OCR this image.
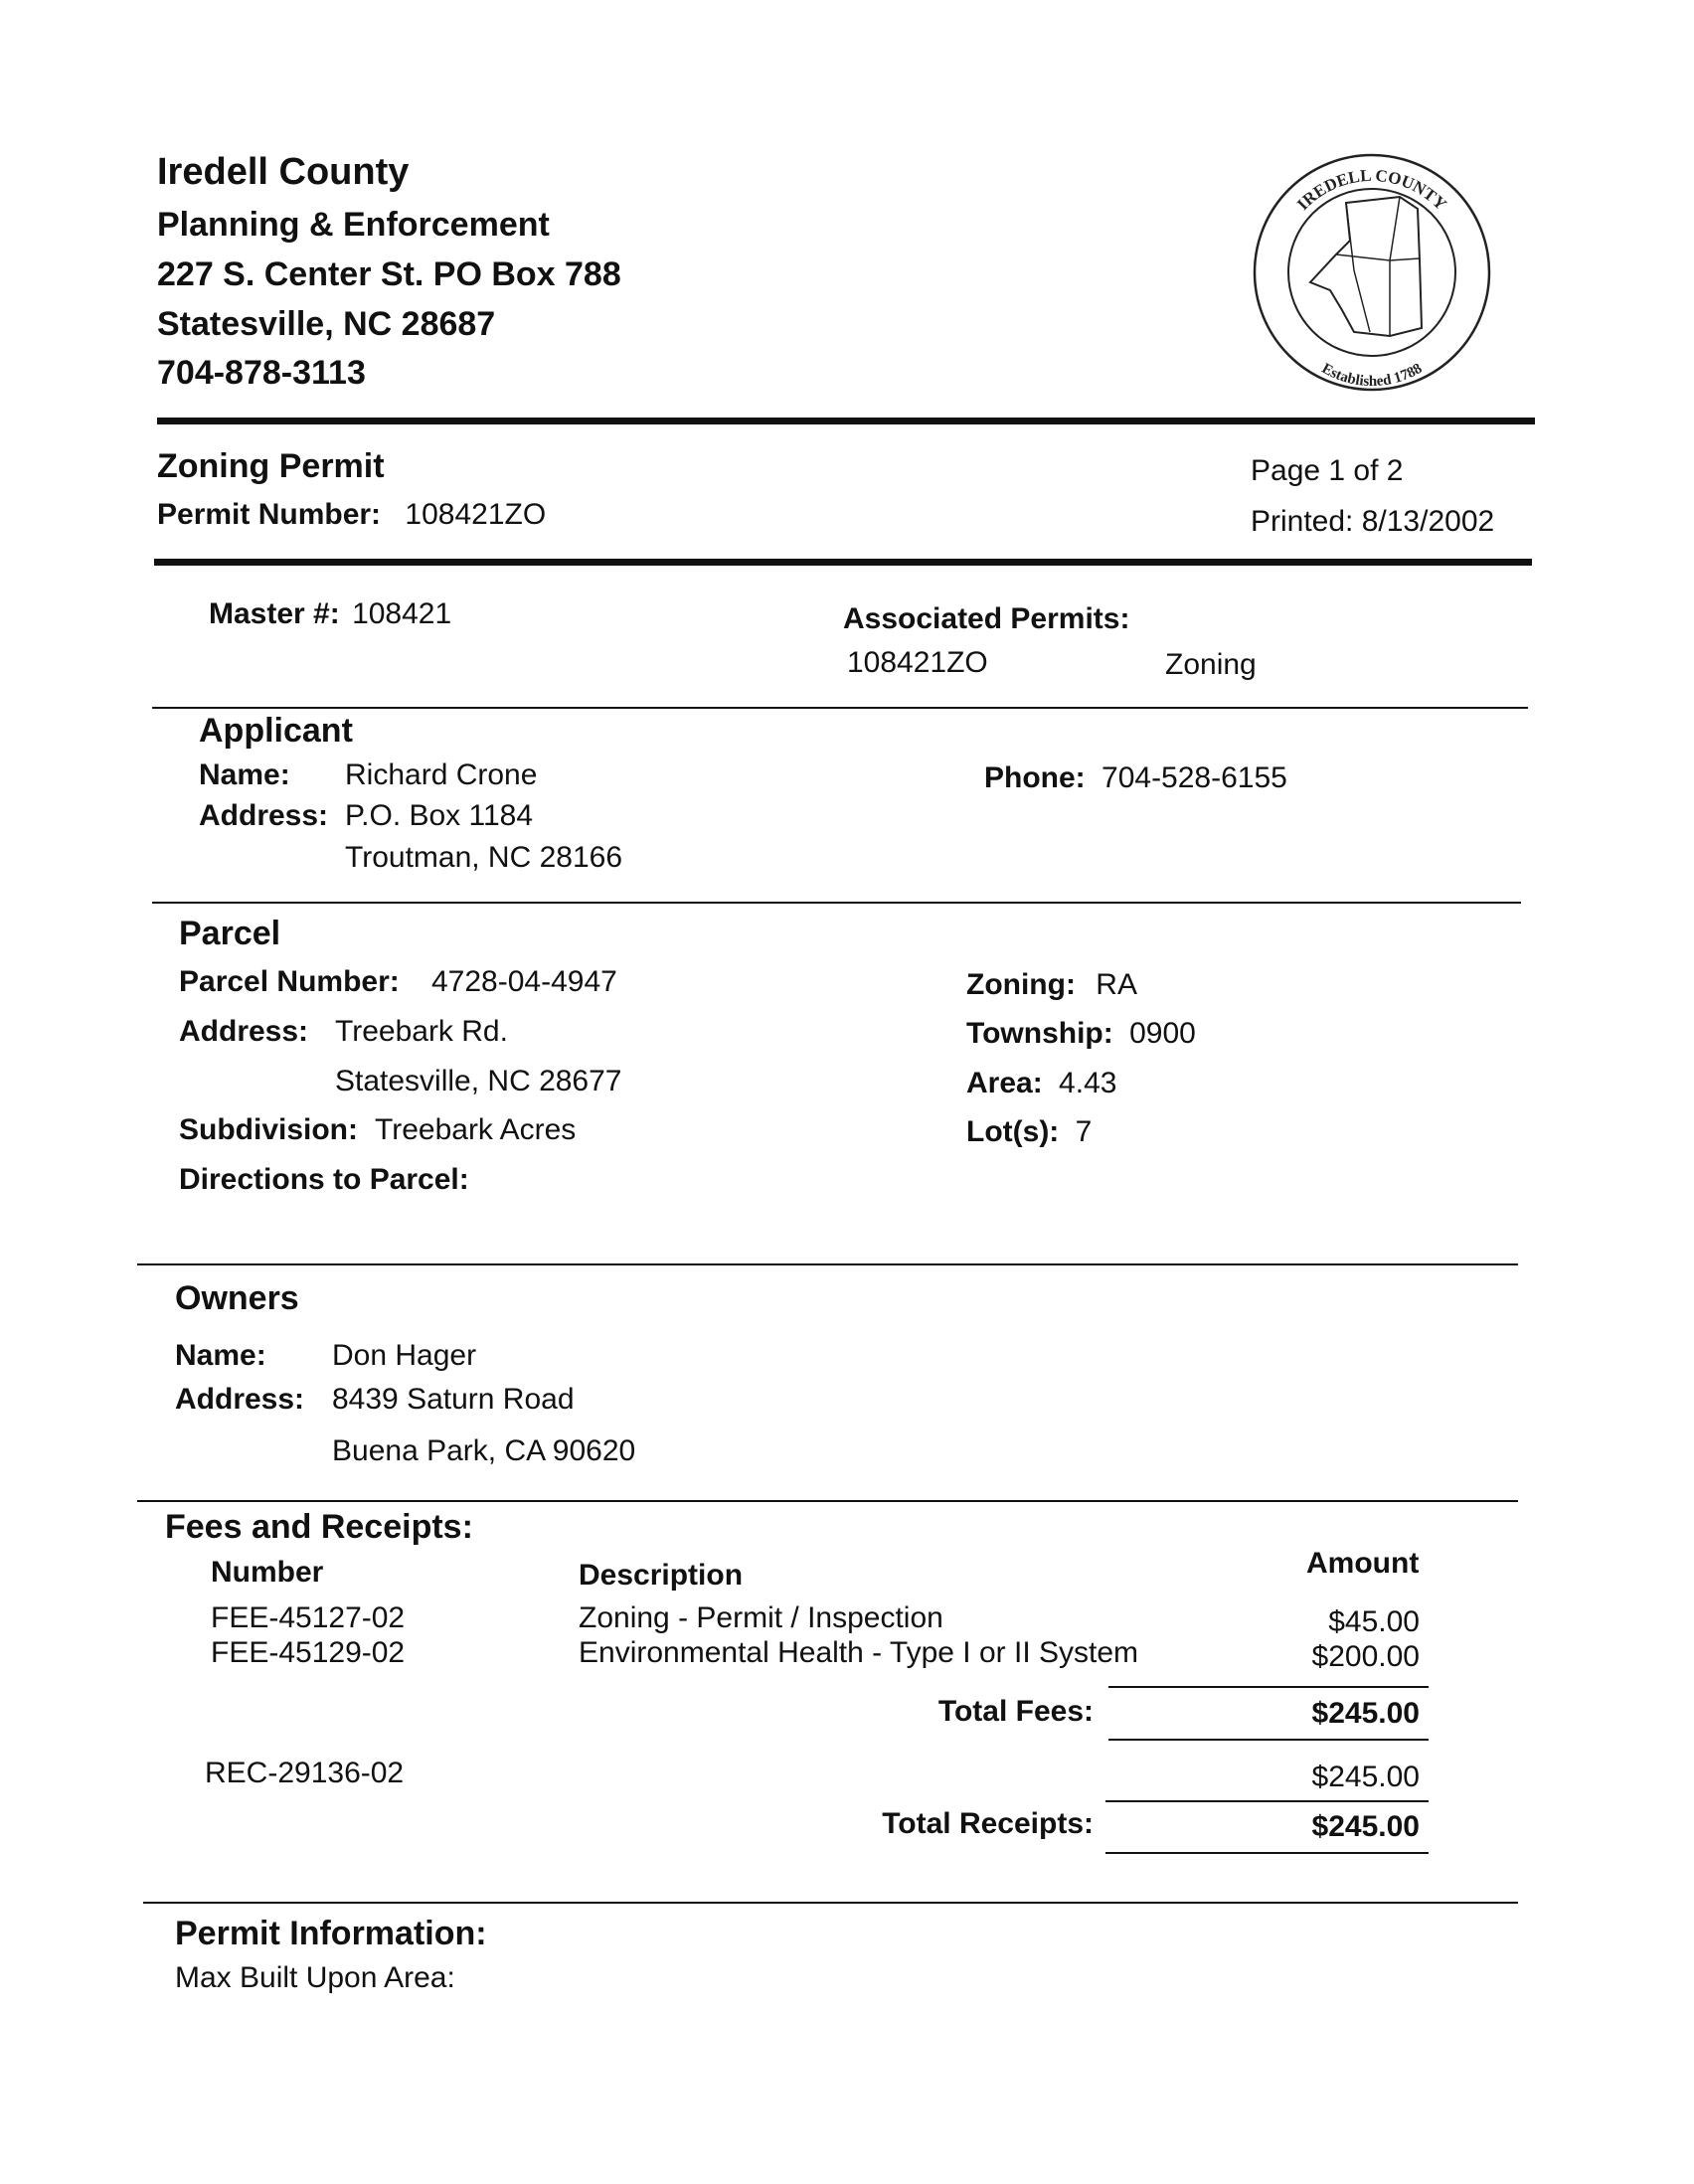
Iredell County
Planning & Enforcement
227 S. Center St. PO Box 788
Statesville, NC 28687
704-878-3113
IREDELL COUNTY
Established 1788
Zoning Permit
Permit Number: 108421ZO
Page 1 of 2
Printed: 8/13/2002
Master #: 108421	Associated Permits:
108421ZO	Zoning
Applicant
Name: Richard Crone
Address: P.O. Box 1184
Troutman, NC 28166
Phone: 704-528-6155
Parcel
Parcel Number: 4728-04-4947
Address: Treebark Rd.
Statesville, NC 28677
Subdivision: Treebark Acres
Directions to Parcel:
Zoning: RA
Township: 0900
Area: 4.43
Lot(s): 7
Owners
Name: Don Hager
Address: 8439 Saturn Road
Buena Park, CA 90620
Fees and Receipts:
Number	Description	Amount
FEE-45127-02	Zoning - Permit / Inspection	$45.00
FEE-45129-02	Environmental Health - Type I or II System	$200.00
Total Fees:	$245.00
REC-29136-02	$245.00
Total Receipts:	$245.00
Permit Information:
Max Built Upon Area:
